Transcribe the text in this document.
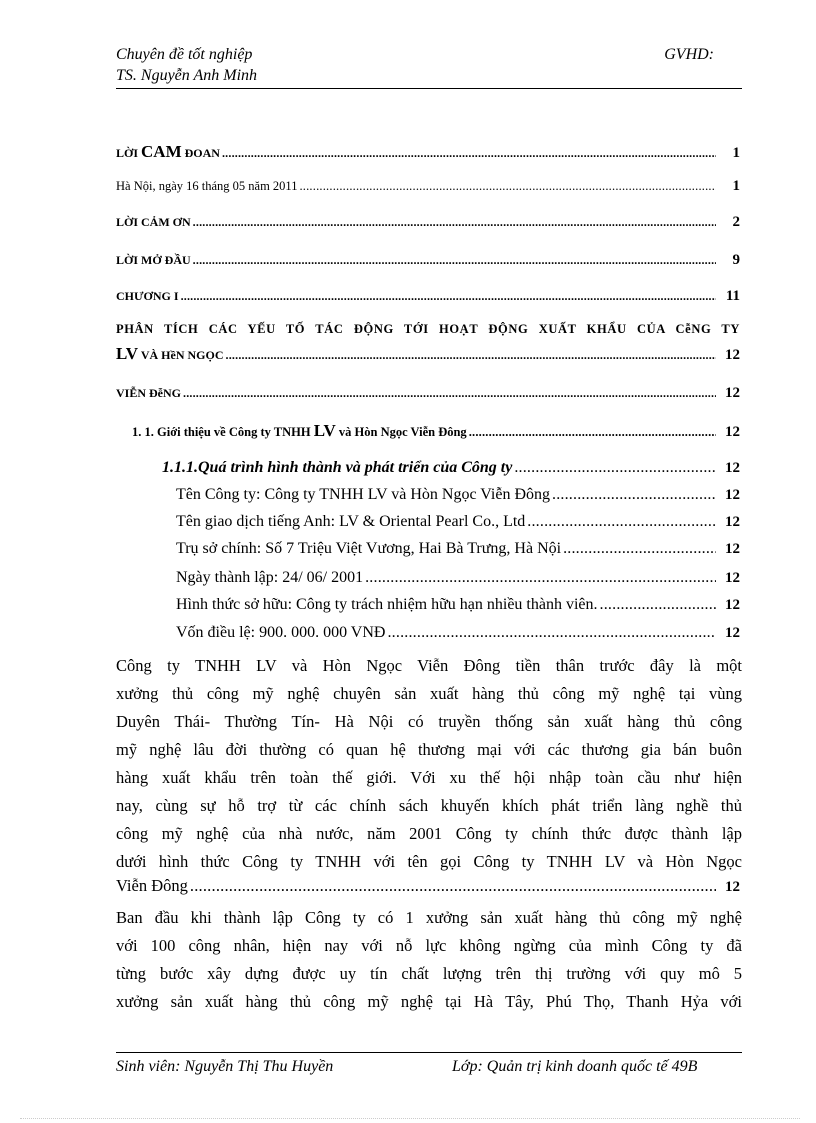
Chuyên đề tốt nghiệp	GVHD:
TS. Nguyễn Anh Minh
LỜI CAM ĐOAN .....	1
Hà Nội, ngày 16 tháng 05 năm 2011 .....	1
LỜI CẢM ƠN .....	2
LỜI MỞ ĐẦU .....	9
CHƯƠNG I .....	11
PHÂN TÍCH CÁC YẾU TỐ TÁC ĐỘNG TỚI HOẠT ĐỘNG XUẤT KHẨU CỦA CễNG TY
LV VÀ HềN NGỌC .....	12
VIỄN ĐễNG .....	12
1. 1. Giới thiệu về Công ty TNHH LV và Hòn Ngọc Viễn Đông .....	12
1.1.1.Quá trình hình thành và phát triển của Công ty .....	12
Tên Công ty: Công ty TNHH LV và Hòn Ngọc Viễn Đông .....	12
Tên giao dịch tiếng Anh: LV & Oriental Pearl Co., Ltd .....	12
Trụ sở chính: Số 7 Triệu Việt Vương, Hai Bà Trưng, Hà Nội .....	12
Ngày thành lập: 24/ 06/ 2001 .....	12
Hình thức sở hữu: Công ty trách nhiệm hữu hạn nhiều thành viên. .....	12
Vốn điều lệ: 900. 000. 000 VNĐ .....	12
Công ty TNHH LV và Hòn Ngọc Viễn Đông tiền thân trước đây là một
xưởng thủ công mỹ nghệ chuyên sản xuất hàng thủ công mỹ nghệ tại vùng
Duyên Thái- Thường Tín- Hà Nội có truyền thống sản xuất hàng thủ công
mỹ nghệ lâu đời thường có quan hệ thương mại với các thương gia bán buôn
hàng xuất khẩu trên toàn thế giới. Với xu thế hội nhập toàn cầu như hiện
nay, cùng sự hỗ trợ từ các chính sách khuyến khích phát triển làng nghề thủ
công mỹ nghệ của nhà nước, năm 2001 Công ty chính thức được thành lập
dưới hình thức Công ty TNHH với tên gọi Công ty TNHH LV và Hòn Ngọc
Viễn Đông .....	12
Ban đầu khi thành lập Công ty có 1 xưởng sản xuất hàng thủ công mỹ nghệ
với 100 công nhân, hiện nay với nỗ lực không ngừng của mình Công ty đã
từng bước xây dựng được uy tín chất lượng trên thị trường với quy mô 5
xưởng sản xuất hàng thủ công mỹ nghệ tại Hà Tây, Phú Thọ, Thanh Hỷa với
Sinh viên: Nguyễn Thị Thu Huyền	Lớp: Quản trị kinh doanh quốc tế 49B
